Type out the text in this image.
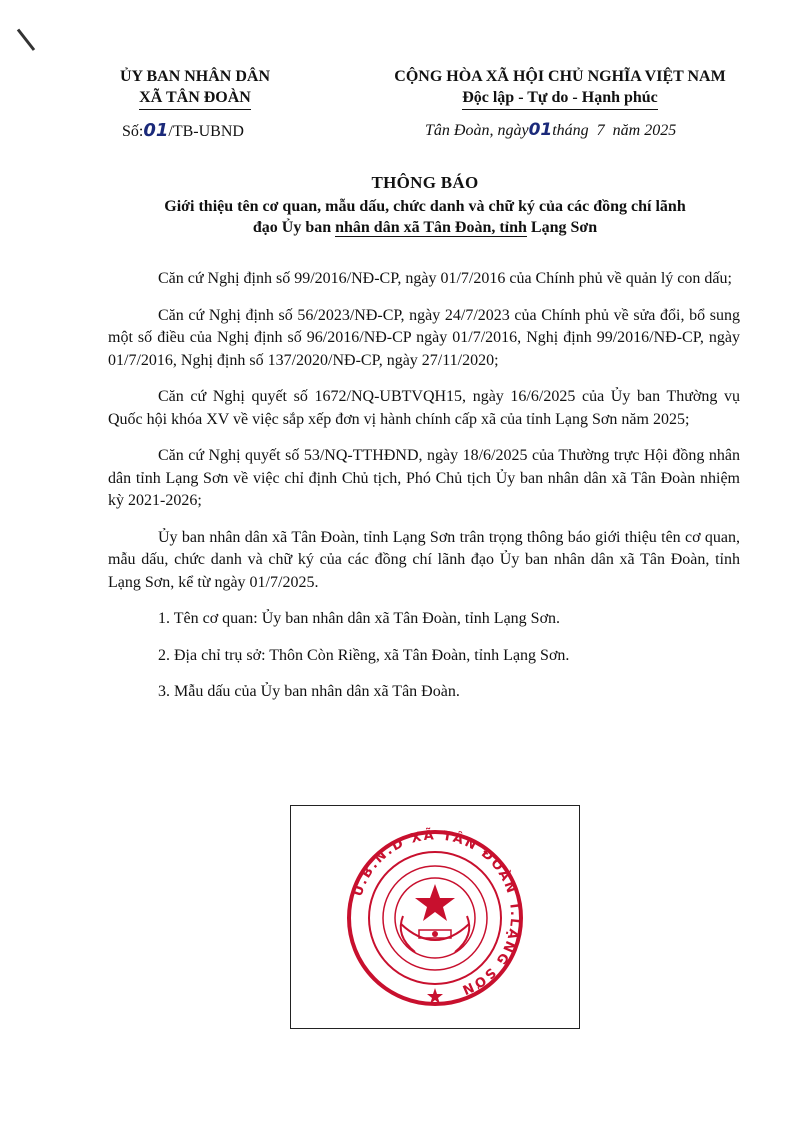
ỦY BAN NHÂN DÂN
XÃ TÂN ĐOÀN
CỘNG HÒA XÃ HỘI CHỦ NGHĨA VIỆT NAM
Độc lập - Tự do - Hạnh phúc
Số:01/TB-UBND	Tân Đoàn, ngày01tháng  7  năm 2025
THÔNG BÁO
Giới thiệu tên cơ quan, mẫu dấu, chức danh và chữ ký của các đồng chí lãnh
đạo Ủy ban nhân dân xã Tân Đoàn, tỉnh Lạng Sơn

Căn cứ Nghị định số 99/2016/NĐ-CP, ngày 01/7/2016 của Chính phủ về quản lý con dấu;

Căn cứ Nghị định số 56/2023/NĐ-CP, ngày 24/7/2023 của Chính phủ về sửa đổi, bổ sung một số điều của Nghị định số 96/2016/NĐ-CP ngày 01/7/2016, Nghị định 99/2016/NĐ-CP, ngày 01/7/2016, Nghị định số 137/2020/NĐ-CP, ngày 27/11/2020;

Căn cứ Nghị quyết số 1672/NQ-UBTVQH15, ngày 16/6/2025 của Ủy ban Thường vụ Quốc hội khóa XV về việc sắp xếp đơn vị hành chính cấp xã của tỉnh Lạng Sơn năm 2025;

Căn cứ Nghị quyết số 53/NQ-TTHĐND, ngày 18/6/2025 của Thường trực Hội đồng nhân dân tỉnh Lạng Sơn về việc chỉ định Chủ tịch, Phó Chủ tịch Ủy ban nhân dân xã Tân Đoàn nhiệm kỳ 2021-2026;

Ủy ban nhân dân xã Tân Đoàn, tỉnh Lạng Sơn trân trọng thông báo giới thiệu tên cơ quan, mẫu dấu, chức danh và chữ ký của các đồng chí lãnh đạo Ủy ban nhân dân xã Tân Đoàn, tỉnh Lạng Sơn, kể từ ngày 01/7/2025.

1. Tên cơ quan: Ủy ban nhân dân xã Tân Đoàn, tỉnh Lạng Sơn.

2. Địa chỉ trụ sở: Thôn Còn Riềng, xã Tân Đoàn, tỉnh Lạng Sơn.

3. Mẫu dấu của Ủy ban nhân dân xã Tân Đoàn.

U.B.N.D XÃ TÂN ĐOÀN T.LẠNG SƠN
